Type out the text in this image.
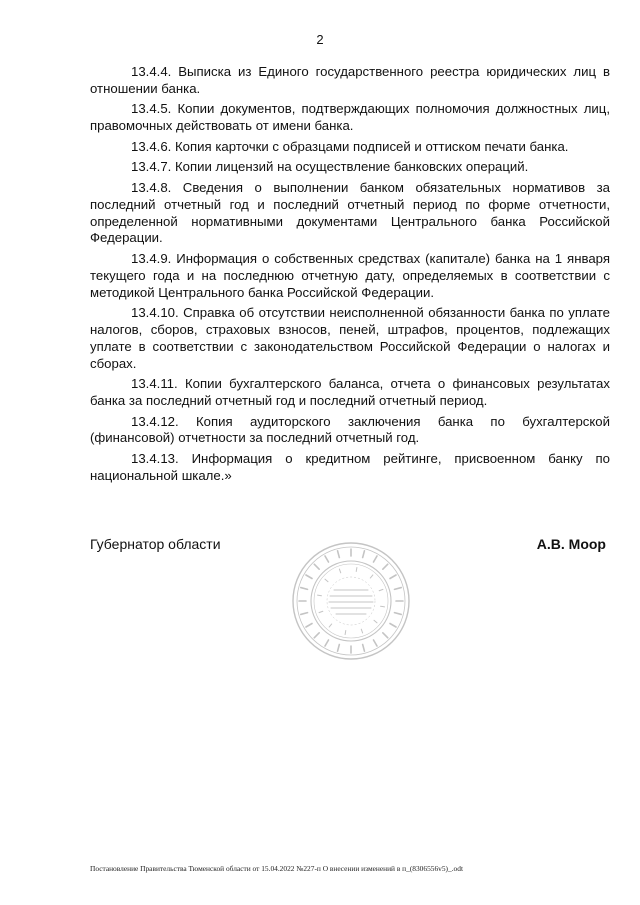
2

13.4.4. Выписка из Единого государственного реестра юридических лиц в отношении банка.

13.4.5. Копии документов, подтверждающих полномочия должностных лиц, правомочных действовать от имени банка.

13.4.6. Копия карточки с образцами подписей и оттиском печати банка.

13.4.7. Копии лицензий на осуществление банковских операций.

13.4.8. Сведения о выполнении банком обязательных нормативов за последний отчетный год и последний отчетный период по форме отчетности, определенной нормативными документами Центрального банка Российской Федерации.

13.4.9. Информация о собственных средствах (капитале) банка на 1 января текущего года и на последнюю отчетную дату, определяемых в соответствии с методикой Центрального банка Российской Федерации.

13.4.10. Справка об отсутствии неисполненной обязанности банка по уплате налогов, сборов, страховых взносов, пеней, штрафов, процентов, подлежащих уплате в соответствии с законодательством Российской Федерации о налогах и сборах.

13.4.11. Копии бухгалтерского баланса, отчета о финансовых результатах банка за последний отчетный год и последний отчетный период.

13.4.12. Копия аудиторского заключения банка по бухгалтерской (финансовой) отчетности за последний отчетный год.

13.4.13. Информация о кредитном рейтинге, присвоенном банку по национальной шкале.»

Губернатор области	А.В. Моор
Постановление Правительства Тюменской области от 15.04.2022 №227-п О внесении изменений в п_(8306556v5)_.odt
